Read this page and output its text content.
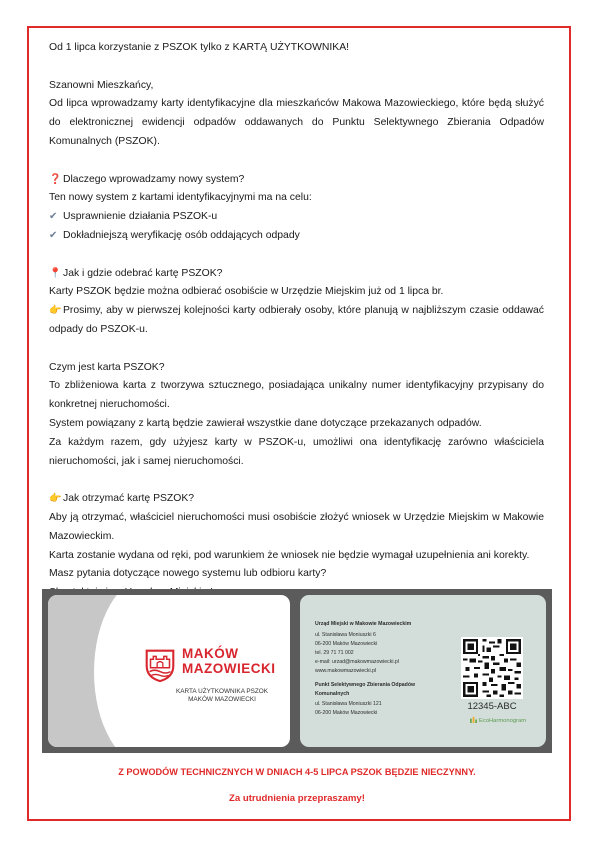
Od 1 lipca korzystanie z PSZOK tylko z KARTĄ UŻYTKOWNIKA!

Szanowni Mieszkańcy,

Od lipca wprowadzamy karty identyfikacyjne dla mieszkańców Makowa Mazowieckiego, które będą służyć do elektronicznej ewidencji odpadów oddawanych do Punktu Selektywnego Zbierania Odpadów Komunalnych (PSZOK).

❓ Dlaczego wprowadzamy nowy system?

Ten nowy system z kartami identyfikacyjnymi ma na celu:

✔ Usprawnienie działania PSZOK-u

✔ Dokładniejszą weryfikację osób oddających odpady

📍 Jak i gdzie odebrać kartę PSZOK?

Karty PSZOK będzie można odbierać osobiście w Urzędzie Miejskim już od 1 lipca br.

👉 Prosimy, aby w pierwszej kolejności karty odbierały osoby, które planują w najbliższym czasie oddawać odpady do PSZOK-u.

Czym jest karta PSZOK?

To zbliżeniowa karta z tworzywa sztucznego, posiadająca unikalny numer identyfikacyjny przypisany do konkretnej nieruchomości.

System powiązany z kartą będzie zawierał wszystkie dane dotyczące przekazanych odpadów.

Za każdym razem, gdy użyjesz karty w PSZOK-u, umożliwi ona identyfikację zarówno właściciela nieruchomości, jak i samej nieruchomości.

👉 Jak otrzymać kartę PSZOK?

Aby ją otrzymać, właściciel nieruchomości musi osobiście złożyć wniosek w Urzędzie Miejskim w Makowie Mazowieckim.

Karta zostanie wydana od ręki, pod warunkiem że wniosek nie będzie wymagał uzupełnienia ani korekty.

Masz pytania dotyczące nowego systemu lub odbioru karty?

MAKÓW
MAZOWIECKI
KARTA UŻYTKOWNIKA PSZOK
MAKÓW MAZOWIECKI
Urząd Miejski w Makowie Mazowieckim
ul. Stanisława Moniuszki 6
06-200 Maków Mazowiecki
tel. 29 71 71 002
e-mail: urzad@makowmazowiecki.pl
www.makowmazowiecki.pl
Punkt Selektywnego Zbierania Odpadów
Komunalnych
ul. Stanisława Moniuszki 121
06-200 Maków Mazowiecki
12345-ABC
EcoHarmonogram
Z POWODÓW TECHNICZNYCH W DNIACH 4-5 LIPCA PSZOK BĘDZIE NIECZYNNY.
Za utrudnienia przepraszamy!
